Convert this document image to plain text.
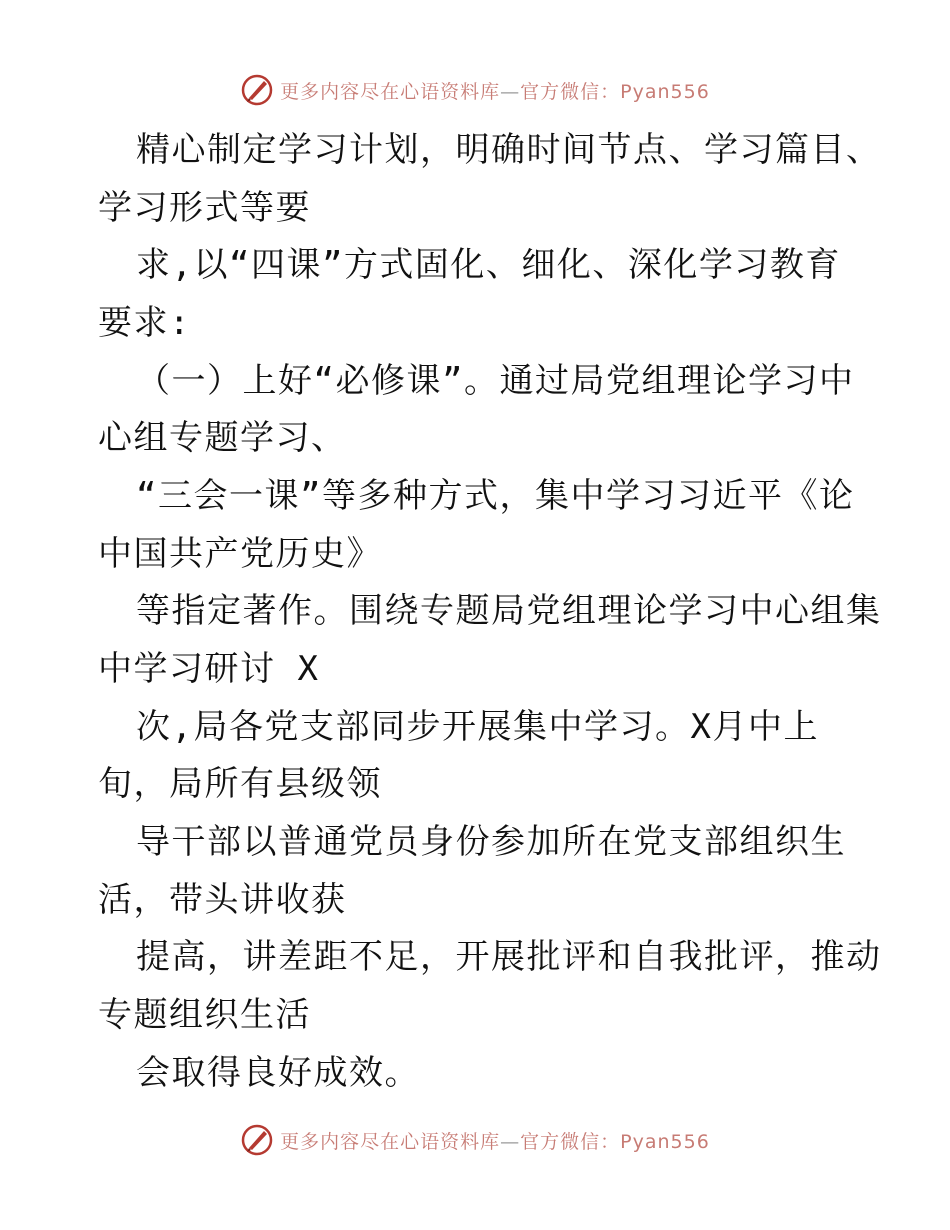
更多内容尽在心语资料库—官方微信：Pyan556
精心制定学习计划，明确时间节点、学习篇目、
学习形式等要
求,以“四课”方式固化、细化、深化学习教育
要求:
（一）上好“必修课”。通过局党组理论学习中
心组专题学习、
“三会一课”等多种方式，集中学习习近平《论
中国共产党历史》
等指定著作。围绕专题局党组理论学习中心组集
中学习研讨 X
次,局各党支部同步开展集中学习。X月中上
旬，局所有县级领
导干部以普通党员身份参加所在党支部组织生
活，带头讲收获
提高，讲差距不足，开展批评和自我批评，推动
专题组织生活
会取得良好成效。
更多内容尽在心语资料库—官方微信：Pyan556
